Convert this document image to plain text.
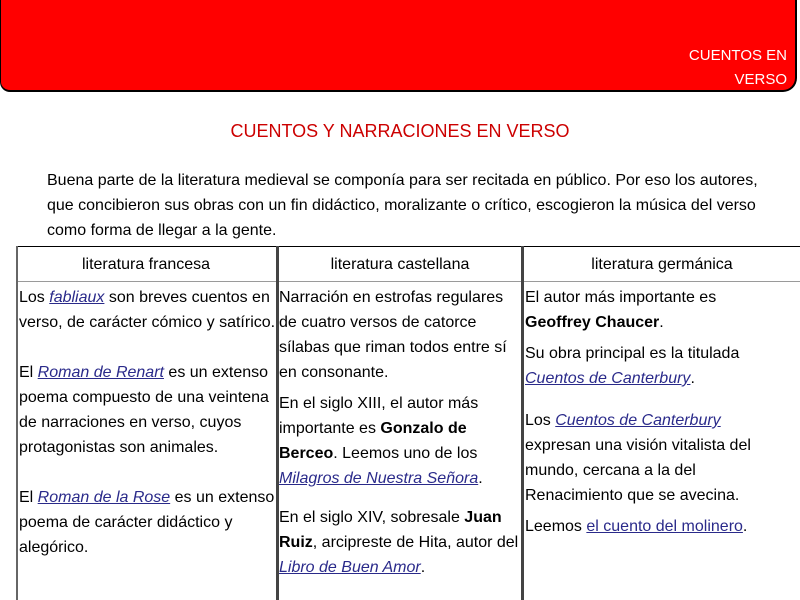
CUENTOS EN
VERSO
CUENTOS Y NARRACIONES EN VERSO
Buena parte de la literatura medieval se componía para ser recitada en público. Por eso los autores, que concibieron sus obras con un fin didáctico, moralizante o crítico, escogieron la música del verso como forma de llegar a la gente.
literatura francesa	literatura castellana	literatura germánica

Los fabliaux son breves cuentos en verso, de carácter cómico y satírico.

El Roman de Renart es un extenso poema compuesto de una veintena de narraciones en verso, cuyos protagonistas son animales.

El Roman de la Rose es un extenso poema de carácter didáctico y alegórico.

Narración en estrofas regulares de cuatro versos de catorce sílabas que riman todos entre sí en consonante.

En el siglo XIII, el autor más importante es Gonzalo de Berceo. Leemos uno de los Milagros de Nuestra Señora.

En el siglo XIV, sobresale Juan Ruiz, arcipreste de Hita, autor del Libro de Buen Amor.

El autor más importante es Geoffrey Chaucer.

Su obra principal es la titulada Cuentos de Canterbury.

Los Cuentos de Canterbury expresan una visión vitalista del mundo, cercana a la del Renacimiento que se avecina.

Leemos el cuento del molinero.
